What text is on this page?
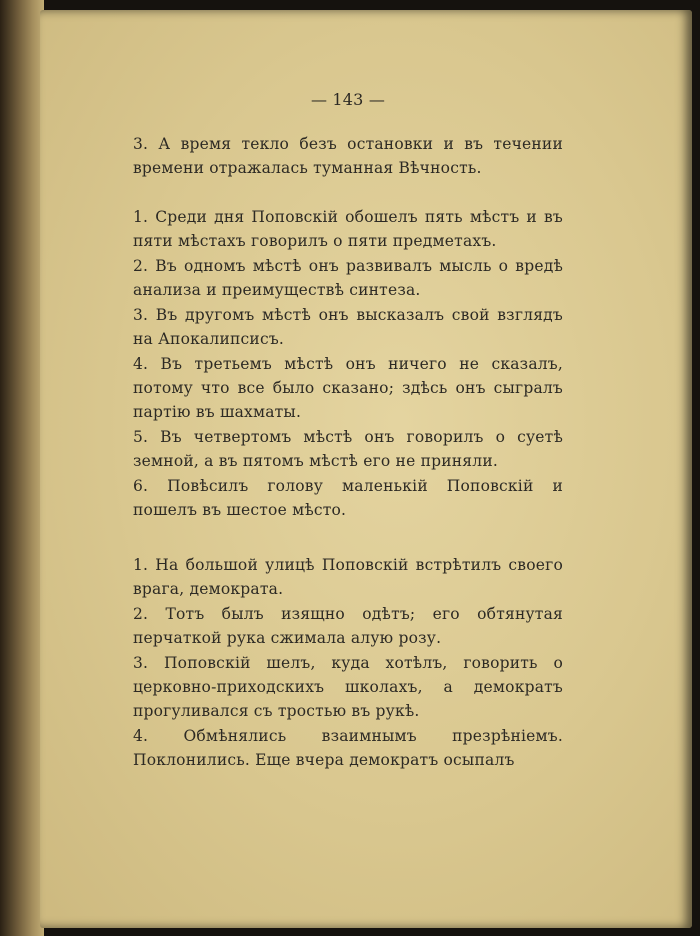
— 143 —

3. А время текло безъ остановки и въ течении времени отражалась туманная Вѣчность.

1. Среди дня Поповскій обошелъ пять мѣстъ и въ пяти мѣстахъ говорилъ о пяти предметахъ.

2. Въ одномъ мѣстѣ онъ развивалъ мысль о вредѣ анализа и преимуществѣ синтеза.

3. Въ другомъ мѣстѣ онъ высказалъ свой взглядъ на Апокалипсисъ.

4. Въ третьемъ мѣстѣ онъ ничего не сказалъ, потому что все было сказано; здѣсь онъ сыгралъ партію въ шахматы.

5. Въ четвертомъ мѣстѣ онъ говорилъ о суетѣ земной, а въ пятомъ мѣстѣ его не приняли.

6. Повѣсилъ голову маленькій Поповскій и пошелъ въ шестое мѣсто.

1. На большой улицѣ Поповскій встрѣтилъ своего врага, демократа.

2. Тотъ былъ изящно одѣтъ; его обтянутая перчаткой рука сжимала алую розу.

3. Поповскій шелъ, куда хотѣлъ, говорить о церковно-приходскихъ школахъ, а демократъ прогуливался съ тростью въ рукѣ.

4. Обмѣнялись взаимнымъ презрѣніемъ. Поклонились. Еще вчера демократъ осыпалъ
